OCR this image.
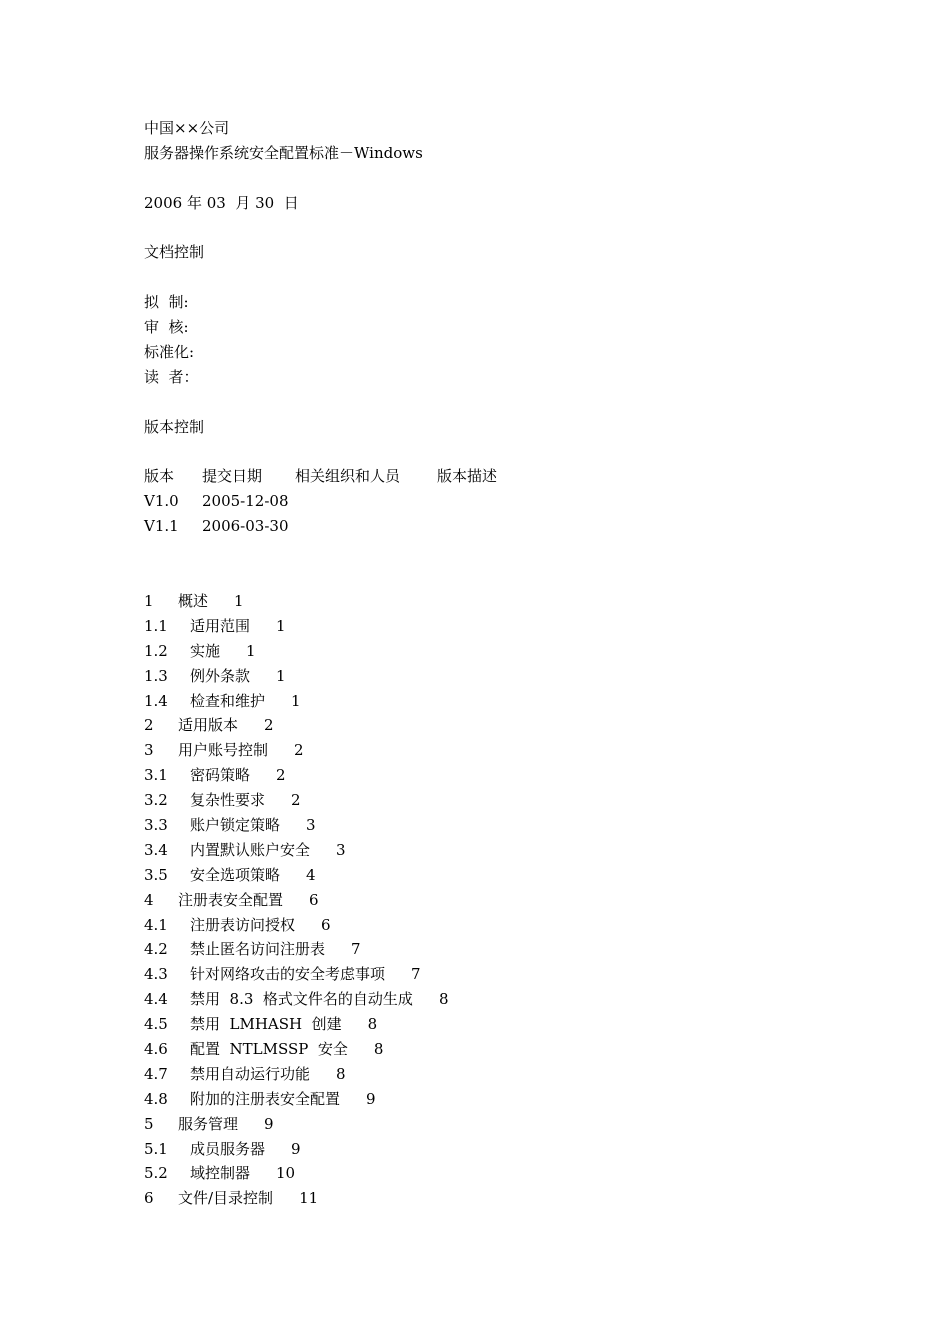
中国××公司
服务器操作系统安全配置标准－Windows
2006 年 03  月 30  日
文档控制
拟  制:
审  核:
标准化:
读  者：
版本控制
版本	提交日期	相关组织和人员	版本描述
V1.0	2005-12-08
V1.1	2006-03-30
1	概述 1
1.1	适用范围 1
1.2	实施 1
1.3	例外条款 1
1.4	检查和维护 1
2	适用版本 2
3	用户账号控制 2
3.1	密码策略 2
3.2	复杂性要求 2
3.3	账户锁定策略 3
3.4	内置默认账户安全 3
3.5	安全选项策略 4
4	注册表安全配置 6
4.1	注册表访问授权 6
4.2	禁止匿名访问注册表 7
4.3	针对网络攻击的安全考虑事项 7
4.4	禁用  8.3  格式文件名的自动生成 8
4.5	禁用  LMHASH  创建 8
4.6	配置  NTLMSSP  安全 8
4.7	禁用自动运行功能 8
4.8	附加的注册表安全配置 9
5	服务管理 9
5.1	成员服务器 9
5.2	域控制器 10
6	文件/目录控制 11
